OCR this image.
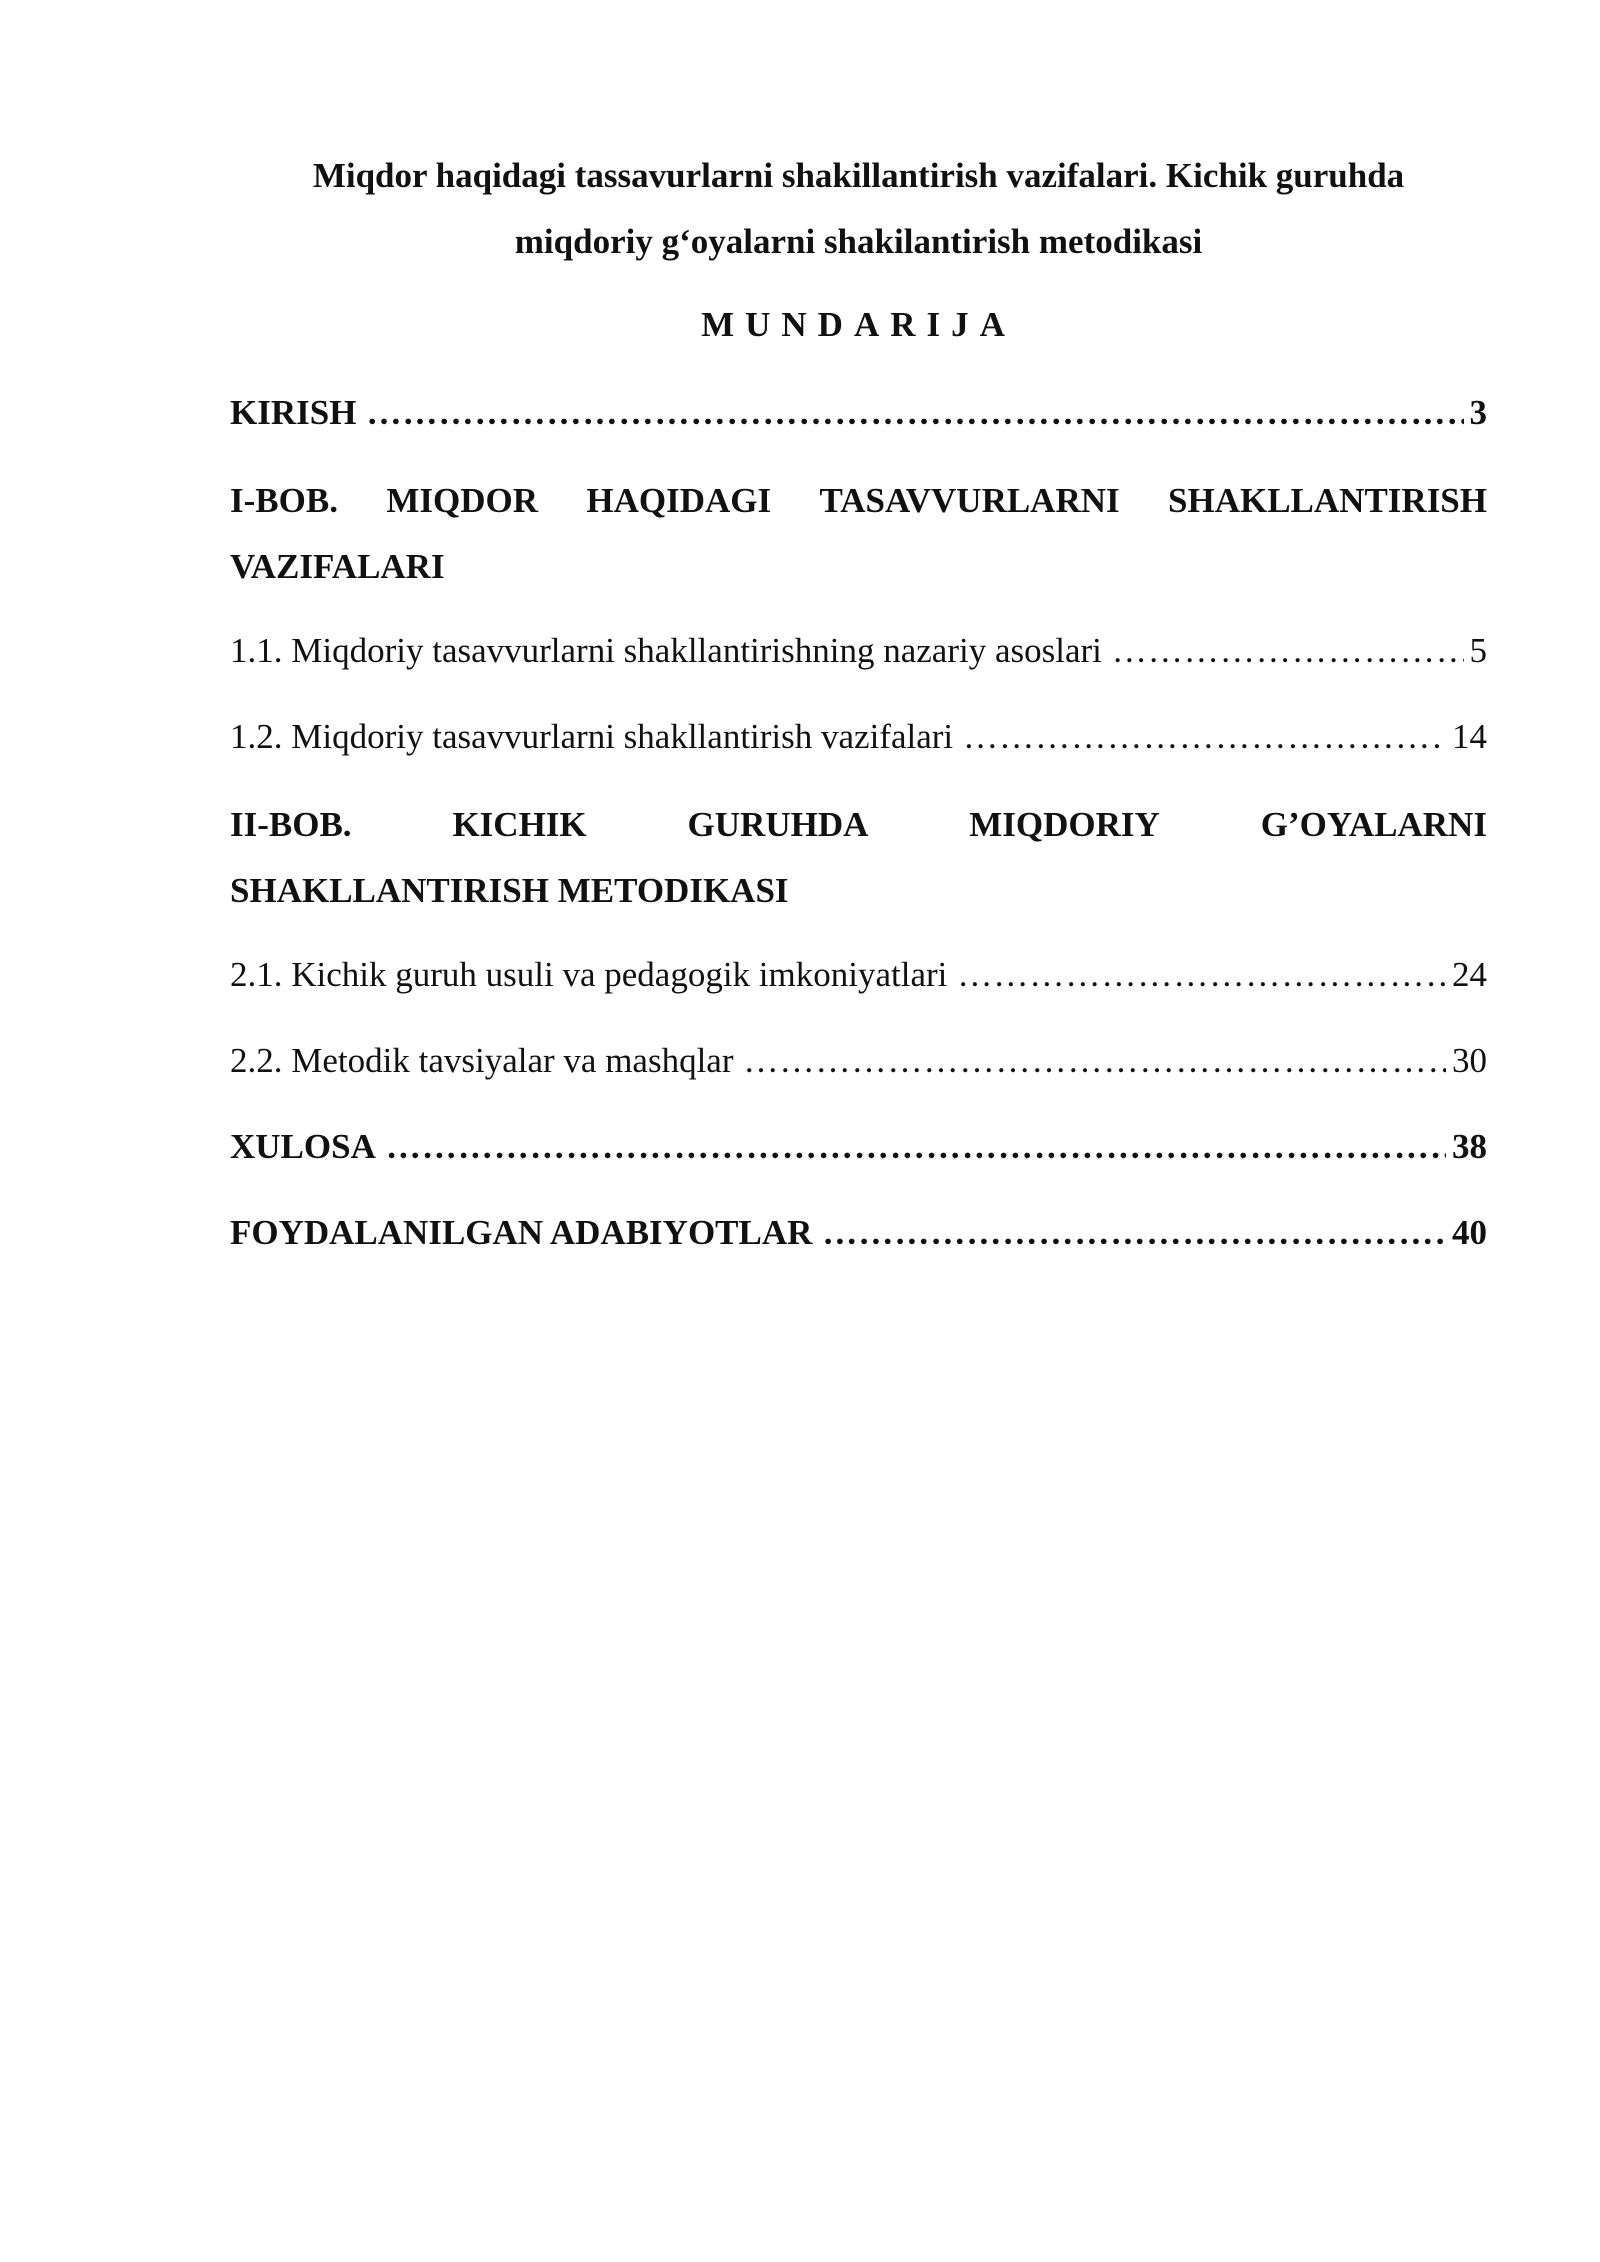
Miqdor haqidagi tassavurlarni shakillantirish vazifalari. Kichik guruhda
miqdoriy g‘oyalarni shakilantirish metodikasi
MUNDARIJA
KIRISH ……………………………………………………………………………………………………………………………………………………	3
I-BOB. MIQDOR HAQIDAGI TASAVVURLARNI SHAKLLANTIRISH
VAZIFALARI
1.1. Miqdoriy tasavvurlarni shakllantirishning nazariy asoslari ……………………………………………………………………………………………………………………………………………………	5
1.2. Miqdoriy tasavvurlarni shakllantirish vazifalari ……………………………………………………………………………………………………………………………………………………	14
II-BOB.	KICHIK	GURUHDA	MIQDORIY	G’OYALARNI
SHAKLLANTIRISH METODIKASI
2.1. Kichik guruh usuli va pedagogik imkoniyatlari ……………………………………………………………………………………………………………………………………………………	24
2.2. Metodik tavsiyalar va mashqlar ……………………………………………………………………………………………………………………………………………………	30
XULOSA ……………………………………………………………………………………………………………………………………………………	38
FOYDALANILGAN ADABIYOTLAR ……………………………………………………………………………………………………………………………………………………	40
